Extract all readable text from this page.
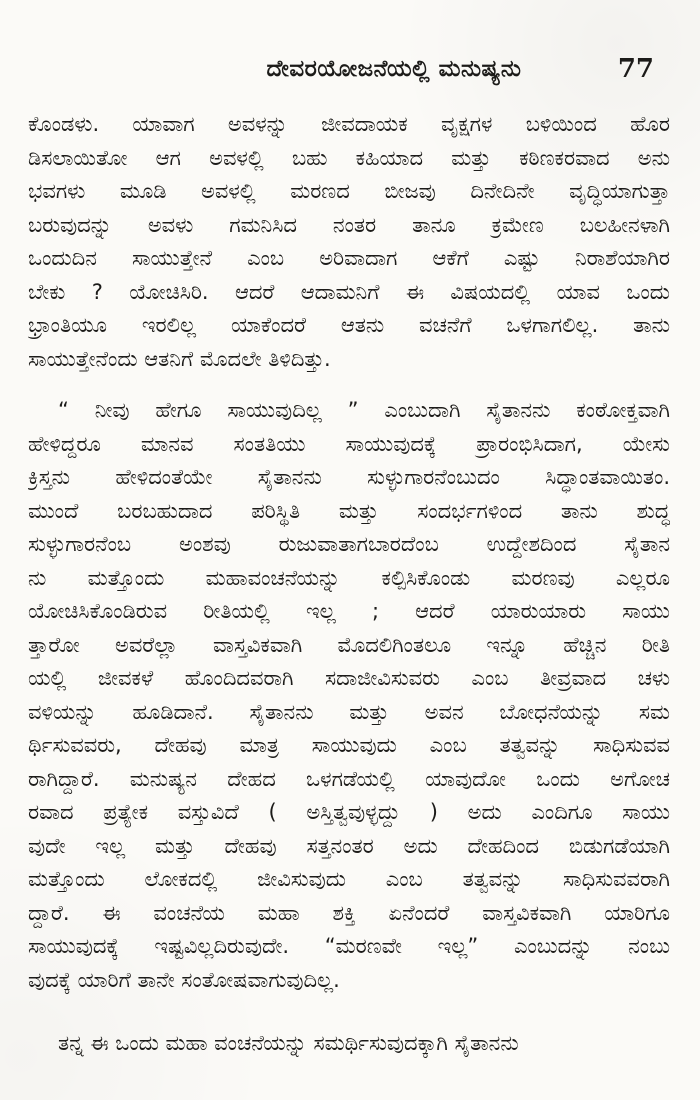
ದೇವರಯೋಜನೆಯಲ್ಲಿ ಮನುಷ್ಯನು	77
ಕೊಂಡಳು. ಯಾವಾಗ ಅವಳನ್ನು ಜೀವದಾಯಕ ವೃಕ್ಷಗಳ ಬಳಿಯಿಂದ ಹೊರ
ಡಿಸಲಾಯಿತೋ ಆಗ ಅವಳಲ್ಲಿ ಬಹು ಕಹಿಯಾದ ಮತ್ತು ಕಠಿಣಕರವಾದ ಅನು
ಭವಗಳು ಮೂಡಿ ಅವಳಲ್ಲಿ ಮರಣದ ಬೀಜವು ದಿನೇದಿನೇ ವೃದ್ಧಿಯಾಗುತ್ತಾ
ಬರುವುದನ್ನು ಅವಳು ಗಮನಿಸಿದ ನಂತರ ತಾನೂ ಕ್ರಮೇಣ ಬಲಹೀನಳಾಗಿ
ಒಂದುದಿನ ಸಾಯುತ್ತೇನೆ ಎಂಬ ಅರಿವಾದಾಗ ಆಕೆಗೆ ಎಷ್ಟು ನಿರಾಶೆಯಾಗಿರ
ಬೇಕು ? ಯೋಚಿಸಿರಿ. ಆದರೆ ಆದಾಮನಿಗೆ ಈ ವಿಷಯದಲ್ಲಿ ಯಾವ ಒಂದು
ಭ್ರಾಂತಿಯೂ ಇರಲಿಲ್ಲ ಯಾಕೆಂದರೆ ಆತನು ವಚನೆಗೆ ಒಳಗಾಗಲಿಲ್ಲ. ತಾನು
ಸಾಯುತ್ತೇನೆಂದು ಆತನಿಗೆ ಮೊದಲೇ ತಿಳಿದಿತ್ತು.
“ ನೀವು ಹೇಗೂ ಸಾಯುವುದಿಲ್ಲ ” ಎಂಬುದಾಗಿ ಸೈತಾನನು ಕಂಠೋಕ್ತವಾಗಿ
ಹೇಳಿದ್ದರೂ ಮಾನವ ಸಂತತಿಯು ಸಾಯುವುದಕ್ಕೆ ಪ್ರಾರಂಭಿಸಿದಾಗ, ಯೇಸು
ಕ್ರಿಸ್ತನು ಹೇಳಿದಂತೆಯೇ ಸೈತಾನನು ಸುಳ್ಳುಗಾರನೆಂಬುದಂ ಸಿದ್ಧಾಂತವಾಯಿತಂ.
ಮುಂದೆ ಬರಬಹುದಾದ ಪರಿಸ್ಥಿತಿ ಮತ್ತು ಸಂದರ್ಭಗಳಿಂದ ತಾನು ಶುದ್ಧ
ಸುಳ್ಳುಗಾರನೆಂಬ ಅಂಶವು ರುಜುವಾತಾಗಬಾರದೆಂಬ ಉದ್ದೇಶದಿಂದ ಸೈತಾನ
ನು ಮತ್ತೊಂದು ಮಹಾವಂಚನೆಯನ್ನು ಕಲ್ಪಿಸಿಕೊಂಡು ಮರಣವು ಎಲ್ಲರೂ
ಯೋಚಿಸಿಕೊಂಡಿರುವ ರೀತಿಯಲ್ಲಿ ಇಲ್ಲ ; ಆದರೆ ಯಾರುಯಾರು ಸಾಯು
ತ್ತಾರೋ ಅವರೆಲ್ಲಾ ವಾಸ್ತವಿಕವಾಗಿ ಮೊದಲಿಗಿಂತಲೂ ಇನ್ನೂ ಹೆಚ್ಚಿನ ರೀತಿ
ಯಲ್ಲಿ ಜೀವಕಳೆ ಹೊಂದಿದವರಾಗಿ ಸದಾಜೀವಿಸುವರು ಎಂಬ ತೀವ್ರವಾದ ಚಳು
ವಳಿಯನ್ನು ಹೂಡಿದಾನೆ. ಸೈತಾನನು ಮತ್ತು ಅವನ ಬೋಧನೆಯನ್ನು ಸಮ
ರ್ಥಿಸುವವರು, ದೇಹವು ಮಾತ್ರ ಸಾಯುವುದು ಎಂಬ ತತ್ವವನ್ನು ಸಾಧಿಸುವವ
ರಾಗಿದ್ದಾರೆ. ಮನುಷ್ಯನ ದೇಹದ ಒಳಗಡೆಯಲ್ಲಿ ಯಾವುದೋ ಒಂದು ಅಗೋಚ
ರವಾದ ಪ್ರತ್ಯೇಕ ವಸ್ತುವಿದೆ ( ಅಸ್ತಿತ್ವವುಳ್ಳದ್ದು ) ಅದು ಎಂದಿಗೂ ಸಾಯು
ವುದೇ ಇಲ್ಲ ಮತ್ತು ದೇಹವು ಸತ್ತನಂತರ ಅದು ದೇಹದಿಂದ ಬಿಡುಗಡೆಯಾಗಿ
ಮತ್ತೊಂದು ಲೋಕದಲ್ಲಿ ಜೀವಿಸುವುದು ಎಂಬ ತತ್ವವನ್ನು ಸಾಧಿಸುವವರಾಗಿ
ದ್ದಾರೆ. ಈ ವಂಚನೆಯ ಮಹಾ ಶಕ್ತಿ ಏನೆಂದರೆ ವಾಸ್ತವಿಕವಾಗಿ ಯಾರಿಗೂ
ಸಾಯುವುದಕ್ಕೆ ಇಷ್ಟವಿಲ್ಲದಿರುವುದೇ. “ಮರಣವೇ ಇಲ್ಲ” ಎಂಬುದನ್ನು ನಂಬು
ವುದಕ್ಕೆ ಯಾರಿಗೆ ತಾನೇ ಸಂತೋಷವಾಗುವುದಿಲ್ಲ.
ತನ್ನ ಈ ಒಂದು ಮಹಾ ವಂಚನೆಯನ್ನು ಸಮರ್ಥಿಸುವುದಕ್ಕಾಗಿ ಸೈತಾನನು
